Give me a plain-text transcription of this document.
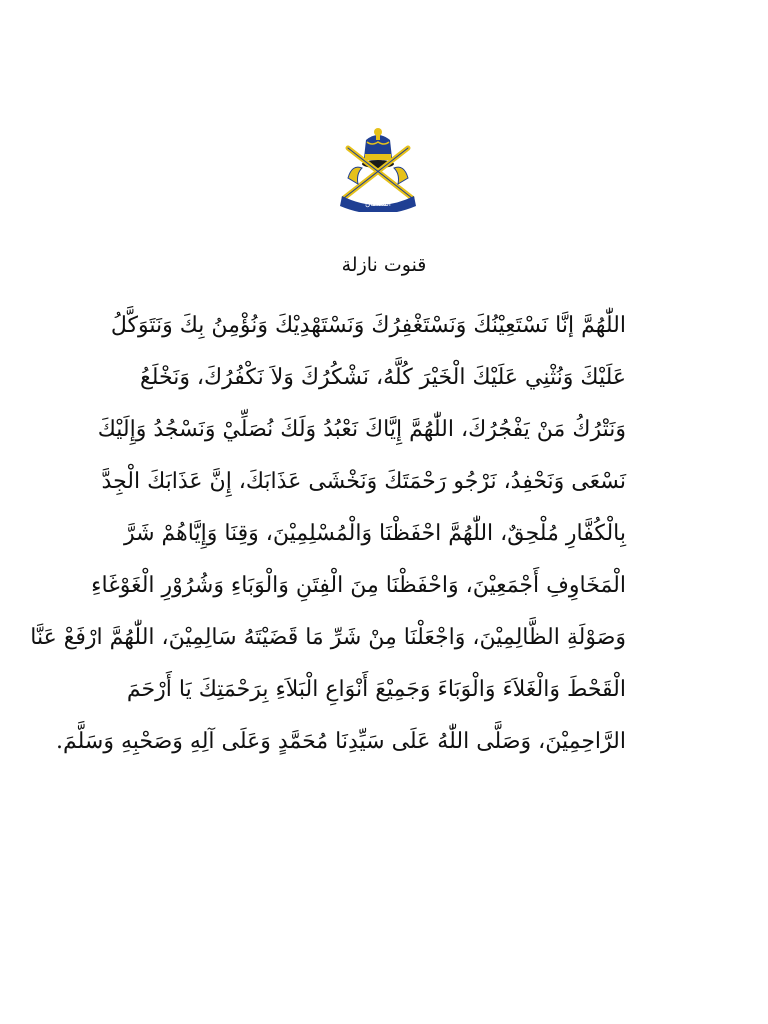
السلطان
قنوت نازلة
اللّٰهُمَّ إنَّا نَسْتَعِيْنُكَ وَنَسْتَغْفِرُكَ وَنَسْتَهْدِيْكَ وَنُؤْمِنُ بِكَ وَنَتَوَكَّلُ
عَلَيْكَ وَنُثْنِي عَلَيْكَ الْخَيْرَ كُلَّهُ، نَشْكُرُكَ وَلاَ نَكْفُرُكَ، وَنَخْلَعُ
وَنَتْرُكُ مَنْ يَفْجُرُكَ، اللّٰهُمَّ إِيَّاكَ نَعْبُدُ وَلَكَ نُصَلِّيْ وَنَسْجُدُ وَإِلَيْكَ
نَسْعَى وَنَحْفِدُ، نَرْجُو رَحْمَتَكَ وَنَخْشَى عَذَابَكَ، إِنَّ عَذَابَكَ الْجِدَّ
بِالْكُفَّارِ مُلْحِقٌ، اللّٰهُمَّ احْفَظْنَا وَالْمُسْلِمِيْنَ، وَقِنَا وَإِيَّاهُمْ شَرَّ
الْمَخَاوِفِ أَجْمَعِيْنَ، وَاحْفَظْنَا مِنَ الْفِتَنِ وَالْوَبَاءِ وَشُرُوْرِ الْغَوْغَاءِ
وَصَوْلَةِ الظَّالِمِيْنَ، وَاجْعَلْنَا مِنْ شَرِّ مَا قَضَيْتَهُ سَالِمِيْنَ، اللّٰهُمَّ ارْفَعْ عَنَّا
الْقَحْطَ وَالْغَلاَءَ وَالْوَبَاءَ وَجَمِيْعَ أَنْوَاعِ الْبَلاَءِ بِرَحْمَتِكَ يَا أَرْحَمَ
الرَّاحِمِيْنَ، وَصَلَّى اللّٰهُ عَلَى سَيِّدِنَا مُحَمَّدٍ وَعَلَى آلِهِ وَصَحْبِهِ وَسَلَّمَ.
